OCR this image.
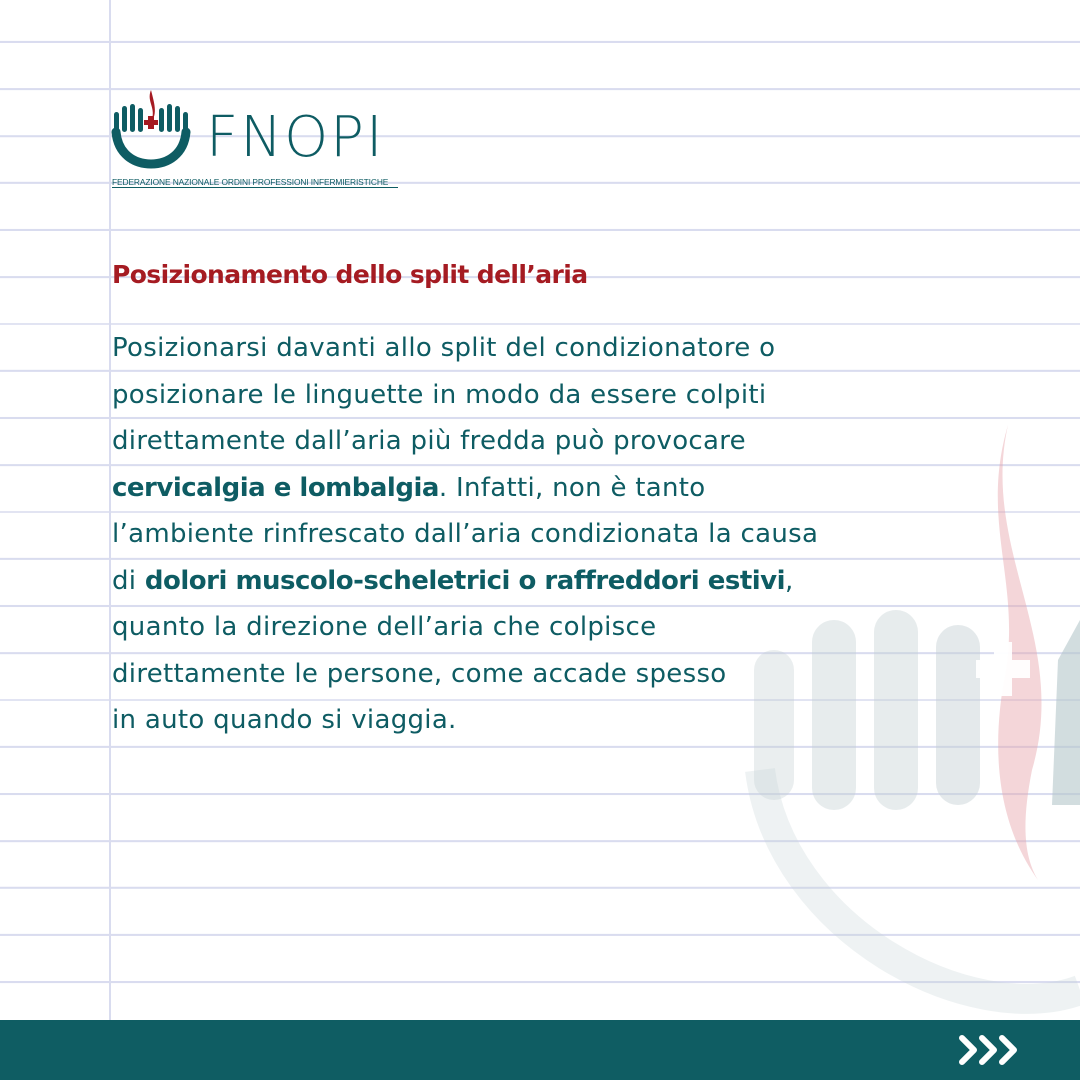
FNOPI
FEDERAZIONE NAZIONALE ORDINI PROFESSIONI INFERMIERISTICHE
Posizionamento dello split dell’aria
Posizionarsi davanti allo split del condizionatore o
posizionare le linguette in modo da essere colpiti
direttamente dall’aria più fredda può provocare
cervicalgia e lombalgia. Infatti, non è tanto
l’ambiente rinfrescato dall’aria condizionata la causa
di dolori muscolo-scheletrici o raffreddori estivi,
quanto la direzione dell’aria che colpisce
direttamente le persone, come accade spesso
in auto quando si viaggia.
